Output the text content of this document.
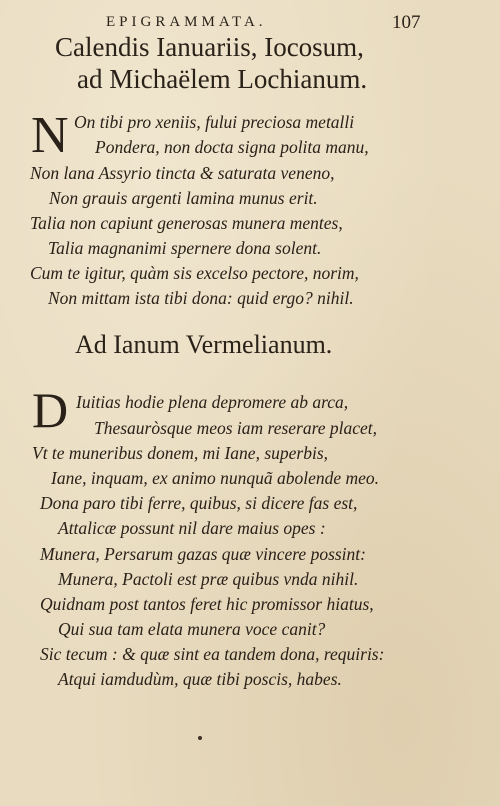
EPIGRAMMATA.	107
Calendis Ianuariis, Iocosum,
ad Michaëlem Lochianum.
N On tibi pro xeniis, fului preciosa metalli
Pondera, non docta signa polita manu,
Non lana Assyrio tincta & saturata veneno,
Non grauis argenti lamina munus erit.
Talia non capiunt generosas munera mentes,
Talia magnanimi spernere dona solent.
Cum te igitur, quàm sis excelso pectore, norim,
Non mittam ista tibi dona: quid ergo? nihil.
Ad Ianum Vermelianum.
D Iuitias hodie plena depromere ab arca,
Thesauròsque meos iam reserare placet,
Vt te muneribus donem, mi Iane, superbis,
Iane, inquam, ex animo nunquã abolende meo.
Dona paro tibi ferre, quibus, si dicere fas est,
Attalicæ possunt nil dare maius opes :
Munera, Persarum gazas quæ vincere possint:
Munera, Pactoli est præ quibus vnda nihil.
Quidnam post tantos feret hic promissor hiatus,
Qui sua tam elata munera voce canit?
Sic tecum : & quæ sint ea tandem dona, requiris:
Atqui iamdudùm, quæ tibi poscis, habes.
